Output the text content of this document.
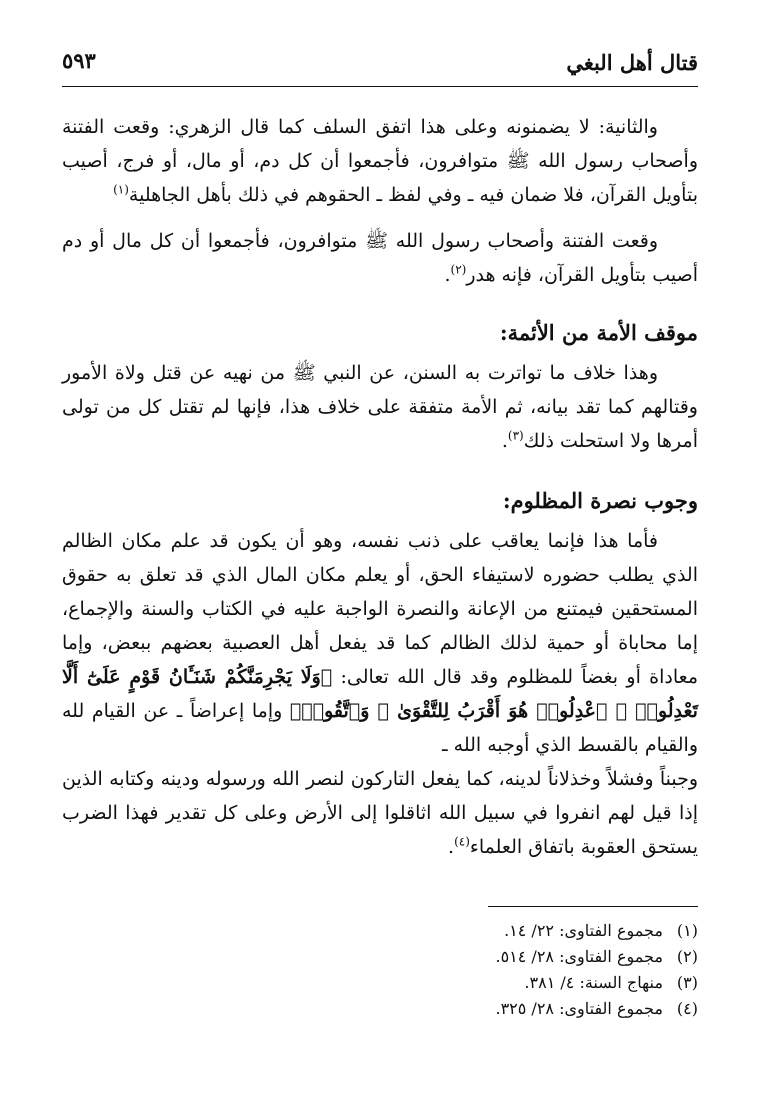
قتال أهل البغي
٥٩٣

والثانية: لا يضمنونه وعلى هذا اتفق السلف كما قال الزهري: وقعت الفتنة وأصحاب رسول الله ﷺ متوافرون، فأجمعوا أن كل دم، أو مال، أو فرج، أصيب بتأويل القرآن، فلا ضمان فيه ـ وفي لفظ ـ الحقوهم في ذلك بأهل الجاهلية$^{(١)}$

وقعت الفتنة وأصحاب رسول الله ﷺ متوافرون، فأجمعوا أن كل مال أو دم أصيب بتأويل القرآن، فإنه هدر$^{(٢)}$.

موقف الأمة من الأئمة:

وهذا خلاف ما تواترت به السنن، عن النبي ﷺ من نهيه عن قتل ولاة الأمور وقتالهم كما تقد بيانه، ثم الأمة متفقة على خلاف هذا، فإنها لم تقتل كل من تولى أمرها ولا استحلت ذلك$^{(٣)}$.

وجوب نصرة المظلوم:

فأما هذا فإنما يعاقب على ذنب نفسه، وهو أن يكون قد علم مكان الظالم الذي يطلب حضوره لاستيفاء الحق، أو يعلم مكان المال الذي قد تعلق به حقوق المستحقين فيمتنع من الإعانة والنصرة الواجبة عليه في الكتاب والسنة والإجماع، إما محاباة أو حمية لذلك الظالم كما قد يفعل أهل العصبية بعضهم ببعض، وإما معاداة أو بغضاً للمظلوم وقد قال الله تعالى: ﴿وَلَا يَجْرِمَنَّكُمْ شَنَـَٔانُ قَوْمٍ عَلَىٰٓ أَلَّا تَعْدِلُوا۟ ۚ ٱعْدِلُوا۟ هُوَ أَقْرَبُ لِلتَّقْوَىٰ ۖ وَٱتَّقُوا۟﴾ وإما إعراضاً ـ عن القيام لله والقيام بالقسط الذي أوجبه الله ـ

وجبناً وفشلاً وخذلاناً لدينه، كما يفعل التاركون لنصر الله ورسوله ودينه وكتابه الذين إذا قيل لهم انفروا في سبيل الله اثاقلوا إلى الأرض وعلى كل تقدير فهذا الضرب يستحق العقوبة باتفاق العلماء$^{(٤)}$.

(١) مجموع الفتاوى: ٢٢/ ١٤.
(٢) مجموع الفتاوى: ٢٨/ ٥١٤.
(٣) منهاج السنة: ٤/ ٣٨١.
(٤) مجموع الفتاوى: ٢٨/ ٣٢٥.
